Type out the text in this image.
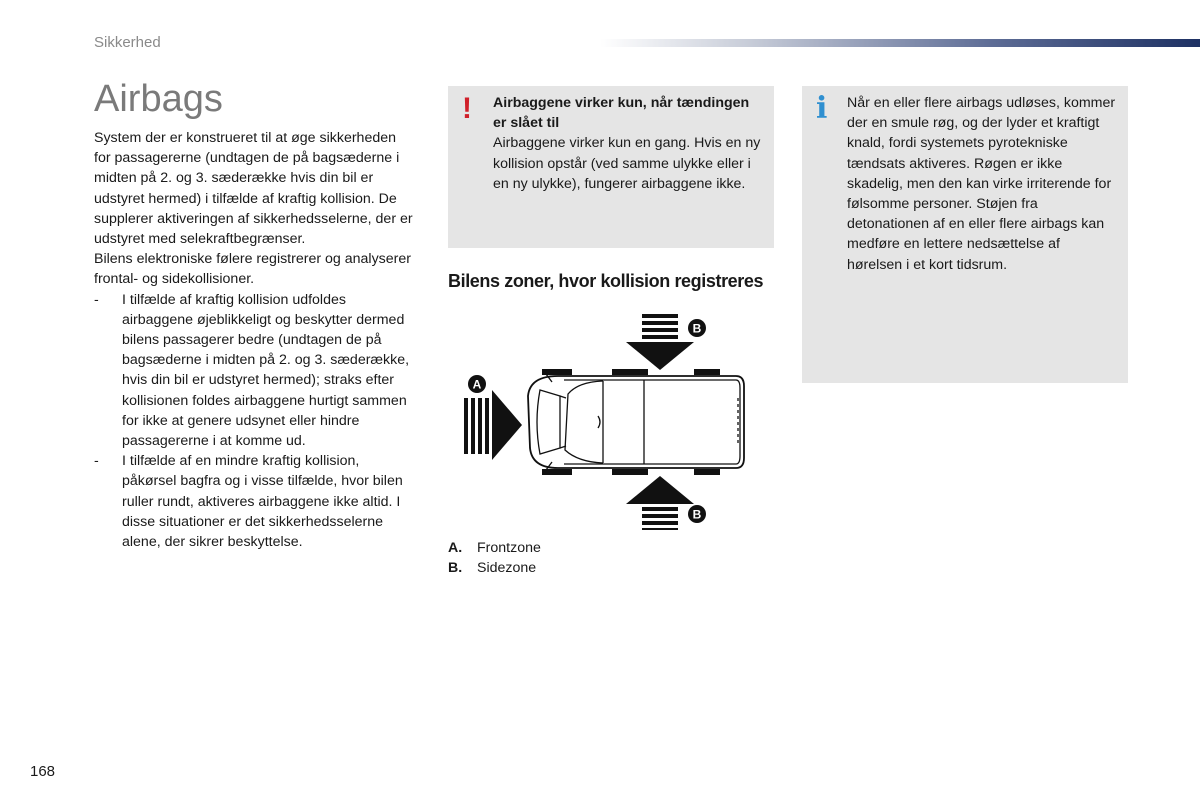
Sikkerhed
Airbags

System der er konstrueret til at øge sikkerheden for passagererne (undtagen de på bagsæderne i midten på 2. og 3. sæderække hvis din bil er udstyret hermed) i tilfælde af kraftig kollision. De supplerer aktiveringen af sikkerhedsselerne, der er udstyret med selekraftbegrænser.

Bilens elektroniske følere registrerer og analyserer frontal- og sidekollisioner.

-	I tilfælde af kraftig kollision udfoldes airbaggene øjeblikkeligt og beskytter dermed bilens passagerer bedre (undtagen de på bagsæderne i midten på 2. og 3. sæderække, hvis din bil er udstyret hermed); straks efter kollisionen foldes airbaggene hurtigt sammen for ikke at genere udsynet eller hindre passagererne i at komme ud.
-	I tilfælde af en mindre kraftig kollision, påkørsel bagfra og i visse tilfælde, hvor bilen ruller rundt, aktiveres airbaggene ikke altid. I disse situationer er det sikkerhedsselerne alene, der sikrer beskyttelse.
! Airbaggene virker kun, når tændingen er slået til
Airbaggene virker kun en gang. Hvis en ny kollision opstår (ved samme ulykke eller i en ny ulykke), fungerer airbaggene ikke.
i Når en eller flere airbags udløses, kommer der en smule røg, og der lyder et kraftigt knald, fordi systemets pyrotekniske tændsats aktiveres. Røgen er ikke skadelig, men den kan virke irriterende for følsomme personer. Støjen fra detonationen af en eller flere airbags kan medføre en lettere nedsættelse af hørelsen i et kort tidsrum.
Bilens zoner, hvor kollision registreres
B
A
B
A.	Frontzone
B.	Sidezone
168
